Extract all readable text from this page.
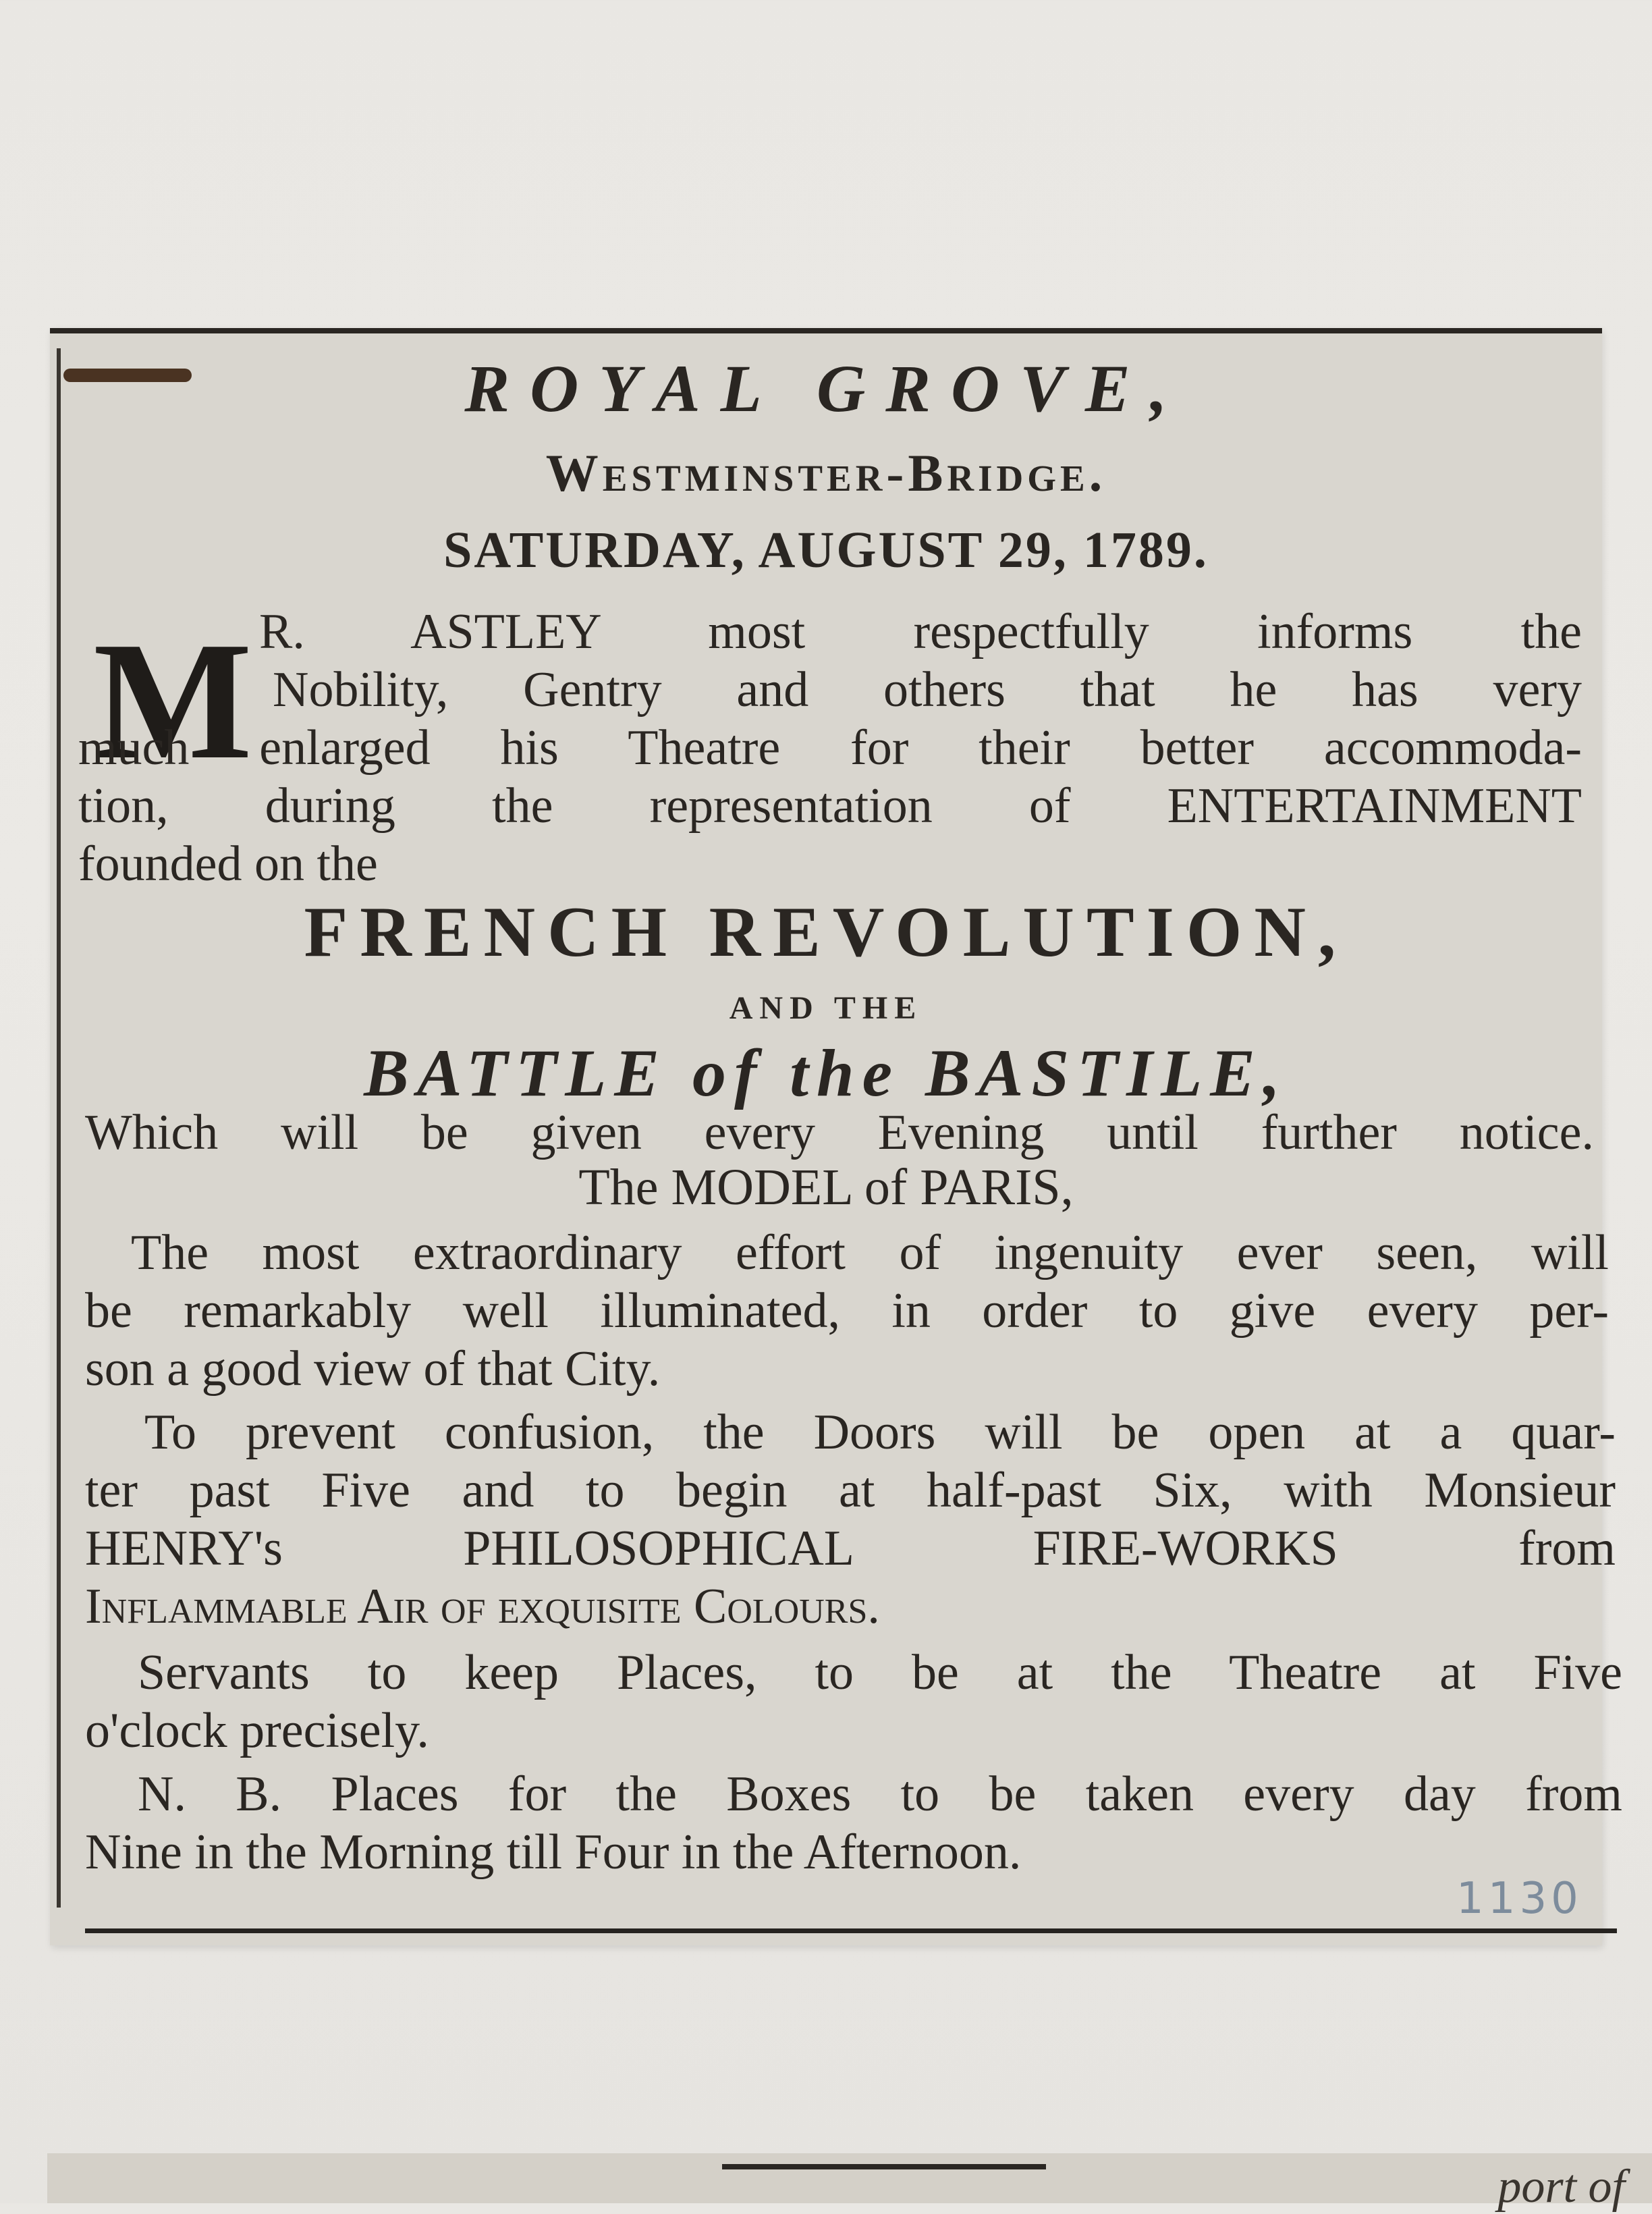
ROYAL GROVE,

Westminster-Bridge.

SATURDAY, AUGUST 29, 1789.

M R. ASTLEY most respectfully informs the

Nobility, Gentry and others that he has very

much enlarged his Theatre for their better accommoda-

tion, during the representation of ENTERTAINMENT

founded on the

FRENCH REVOLUTION,

AND THE

BATTLE of the BASTILE,

Which will be given every Evening until further notice.

The MODEL of PARIS,

The most extraordinary effort of ingenuity ever seen, will

be remarkably well illuminated, in order to give every per-

son a good view of that City.

To prevent confusion, the Doors will be open at a quar-

ter past Five and to begin at half-past Six, with Monsieur

HENRY's PHILOSOPHICAL FIRE-WORKS from

Inflammable Air of exquisite Colours.

Servants to keep Places, to be at the Theatre at Five

o'clock precisely.

N. B. Places for the Boxes to be taken every day from

Nine in the Morning till Four in the Afternoon.

1130
port of
